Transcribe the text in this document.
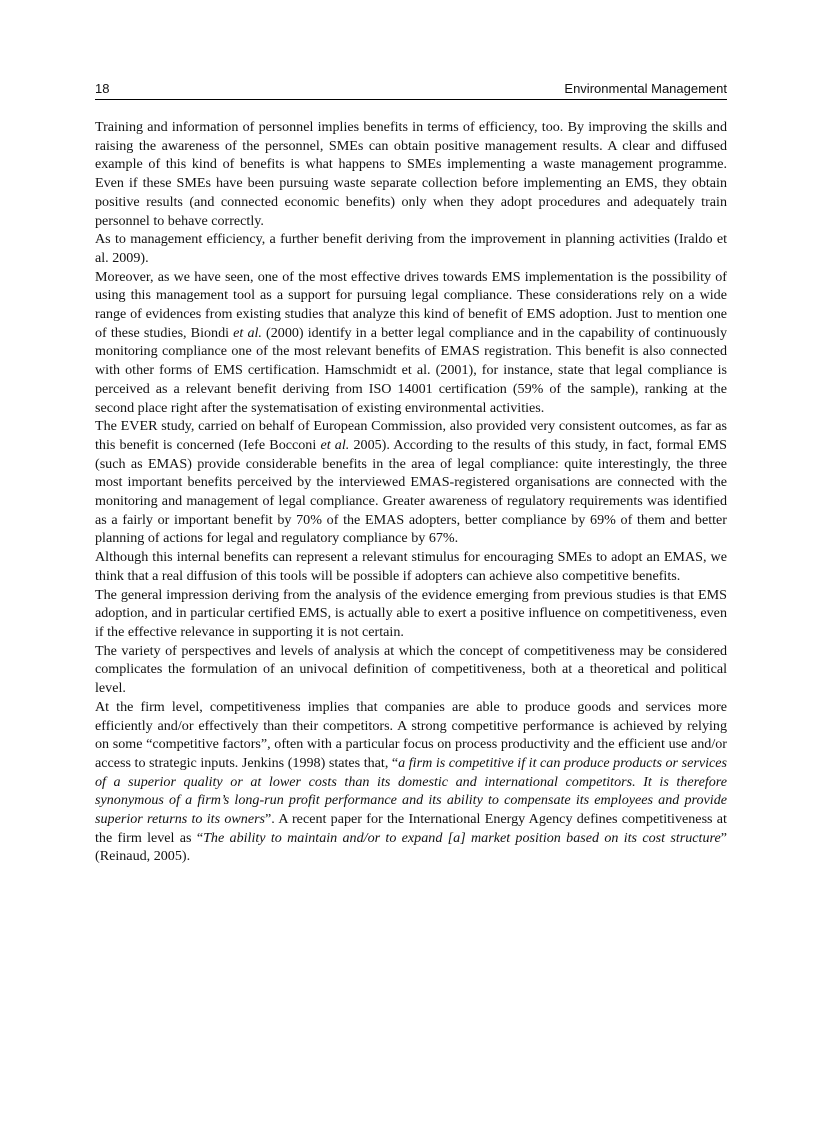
18	Environmental Management

Training and information of personnel implies benefits in terms of efficiency, too. By improving the skills and raising the awareness of the personnel, SMEs can obtain positive management results. A clear and diffused example of this kind of benefits is what happens to SMEs implementing a waste management programme. Even if these SMEs have been pursuing waste separate collection before implementing an EMS, they obtain positive results (and connected economic benefits) only when they adopt procedures and adequately train personnel to behave correctly.

As to management efficiency, a further benefit deriving from the improvement in planning activities (Iraldo et al. 2009).

Moreover, as we have seen, one of the most effective drives towards EMS implementation is the possibility of using this management tool as a support for pursuing legal compliance. These considerations rely on a wide range of evidences from existing studies that analyze this kind of benefit of EMS adoption. Just to mention one of these studies, Biondi et al. (2000) identify in a better legal compliance and in the capability of continuously monitoring compliance one of the most relevant benefits of EMAS registration. This benefit is also connected with other forms of EMS certification. Hamschmidt et al. (2001), for instance, state that legal compliance is perceived as a relevant benefit deriving from ISO 14001 certification (59% of the sample), ranking at the second place right after the systematisation of existing environmental activities.

The EVER study, carried on behalf of European Commission, also provided very consistent outcomes, as far as this benefit is concerned (Iefe Bocconi et al. 2005). According to the results of this study, in fact, formal EMS (such as EMAS) provide considerable benefits in the area of legal compliance: quite interestingly, the three most important benefits perceived by the interviewed EMAS-registered organisations are connected with the monitoring and management of legal compliance. Greater awareness of regulatory requirements was identified as a fairly or important benefit by 70% of the EMAS adopters, better compliance by 69% of them and better planning of actions for legal and regulatory compliance by 67%.

Although this internal benefits can represent a relevant stimulus for encouraging SMEs to adopt an EMAS, we think that a real diffusion of this tools will be possible if adopters can achieve also competitive benefits.

The general impression deriving from the analysis of the evidence emerging from previous studies is that EMS adoption, and in particular certified EMS, is actually able to exert a positive influence on competitiveness, even if the effective relevance in supporting it is not certain.

The variety of perspectives and levels of analysis at which the concept of competitiveness may be considered complicates the formulation of an univocal definition of competitiveness, both at a theoretical and political level.

At the firm level, competitiveness implies that companies are able to produce goods and services more efficiently and/or effectively than their competitors. A strong competitive performance is achieved by relying on some “competitive factors”, often with a particular focus on process productivity and the efficient use and/or access to strategic inputs. Jenkins (1998) states that, “a firm is competitive if it can produce products or services of a superior quality or at lower costs than its domestic and international competitors. It is therefore synonymous of a firm’s long-run profit performance and its ability to compensate its employees and provide superior returns to its owners”. A recent paper for the International Energy Agency defines competitiveness at the firm level as “The ability to maintain and/or to expand [a] market position based on its cost structure” (Reinaud, 2005).
